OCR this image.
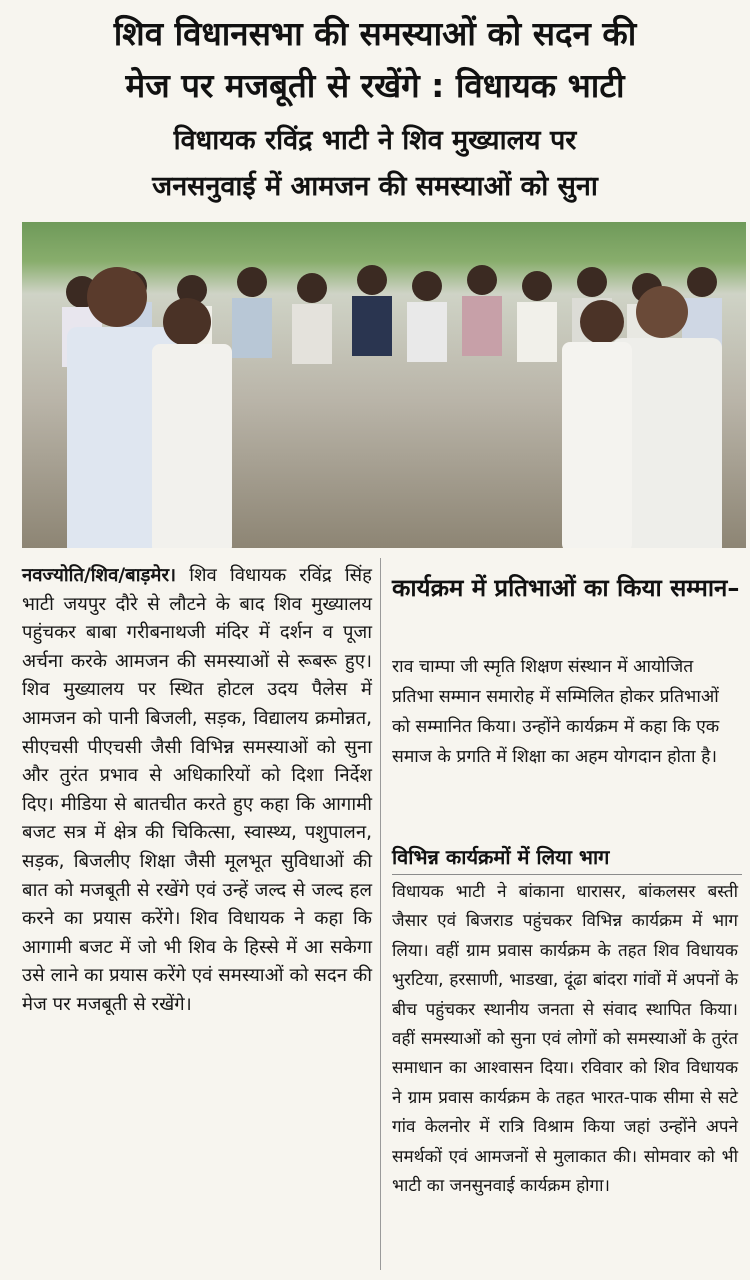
शिव विधानसभा की समस्याओं को सदन की
मेज पर मजबूती से रखेंगे : विधायक भाटी
विधायक रविंद्र भाटी ने शिव मुख्यालय पर
जनसनुवाई में आमजन की समस्याओं को सुना
नवज्योति/शिव/बाड़मेर। शिव विधायक रविंद्र सिंह भाटी जयपुर दौरे से लौटने के बाद शिव मुख्यालय पहुंचकर बाबा गरीबनाथजी मंदिर में दर्शन व पूजा अर्चना करके आमजन की समस्याओं से रूबरू हुए। शिव मुख्यालय पर स्थित होटल उदय पैलेस में आमजन को पानी बिजली, सड़क, विद्यालय क्रमोन्नत, सीएचसी पीएचसी जैसी विभिन्न समस्याओं को सुना और तुरंत प्रभाव से अधिकारियों को दिशा निर्देश दिए। मीडिया से बातचीत करते हुए कहा कि आगामी बजट सत्र में क्षेत्र की चिकित्सा, स्वास्थ्य, पशुपालन, सड़क, बिजलीए शिक्षा जैसी मूलभूत सुविधाओं की बात को मजबूती से रखेंगे एवं उन्हें जल्द से जल्द हल करने का प्रयास करेंगे। शिव विधायक ने कहा कि आगामी बजट में जो भी शिव के हिस्से में आ सकेगा उसे लाने का प्रयास करेंगे एवं समस्याओं को सदन की मेज पर मजबूती से रखेंगे।
कार्यक्रम में प्रतिभाओं का किया सम्मान–
राव चाम्पा जी स्मृति शिक्षण संस्थान में आयोजित प्रतिभा सम्मान समारोह में सम्मिलित होकर प्रतिभाओं को सम्मानित किया। उन्होंने कार्यक्रम में कहा कि एक समाज के प्रगति में शिक्षा का अहम योगदान होता है।
विभिन्न कार्यक्रमों में लिया भाग
विधायक भाटी ने बांकाना धारासर, बांकलसर बस्ती जैसार एवं बिजराड पहुंचकर विभिन्न कार्यक्रम में भाग लिया। वहीं ग्राम प्रवास कार्यक्रम के तहत शिव विधायक भुरटिया, हरसाणी, भाडखा, दूंढा बांदरा गांवों में अपनों के बीच पहुंचकर स्थानीय जनता से संवाद स्थापित किया। वहीं समस्याओं को सुना एवं लोगों को समस्याओं के तुरंत समाधान का आश्वासन दिया। रविवार को शिव विधायक ने ग्राम प्रवास कार्यक्रम के तहत भारत-पाक सीमा से सटे गांव केलनोर में रात्रि विश्राम किया जहां उन्होंने अपने समर्थकों एवं आमजनों से मुलाकात की। सोमवार को भी भाटी का जनसुनवाई कार्यक्रम होगा।
